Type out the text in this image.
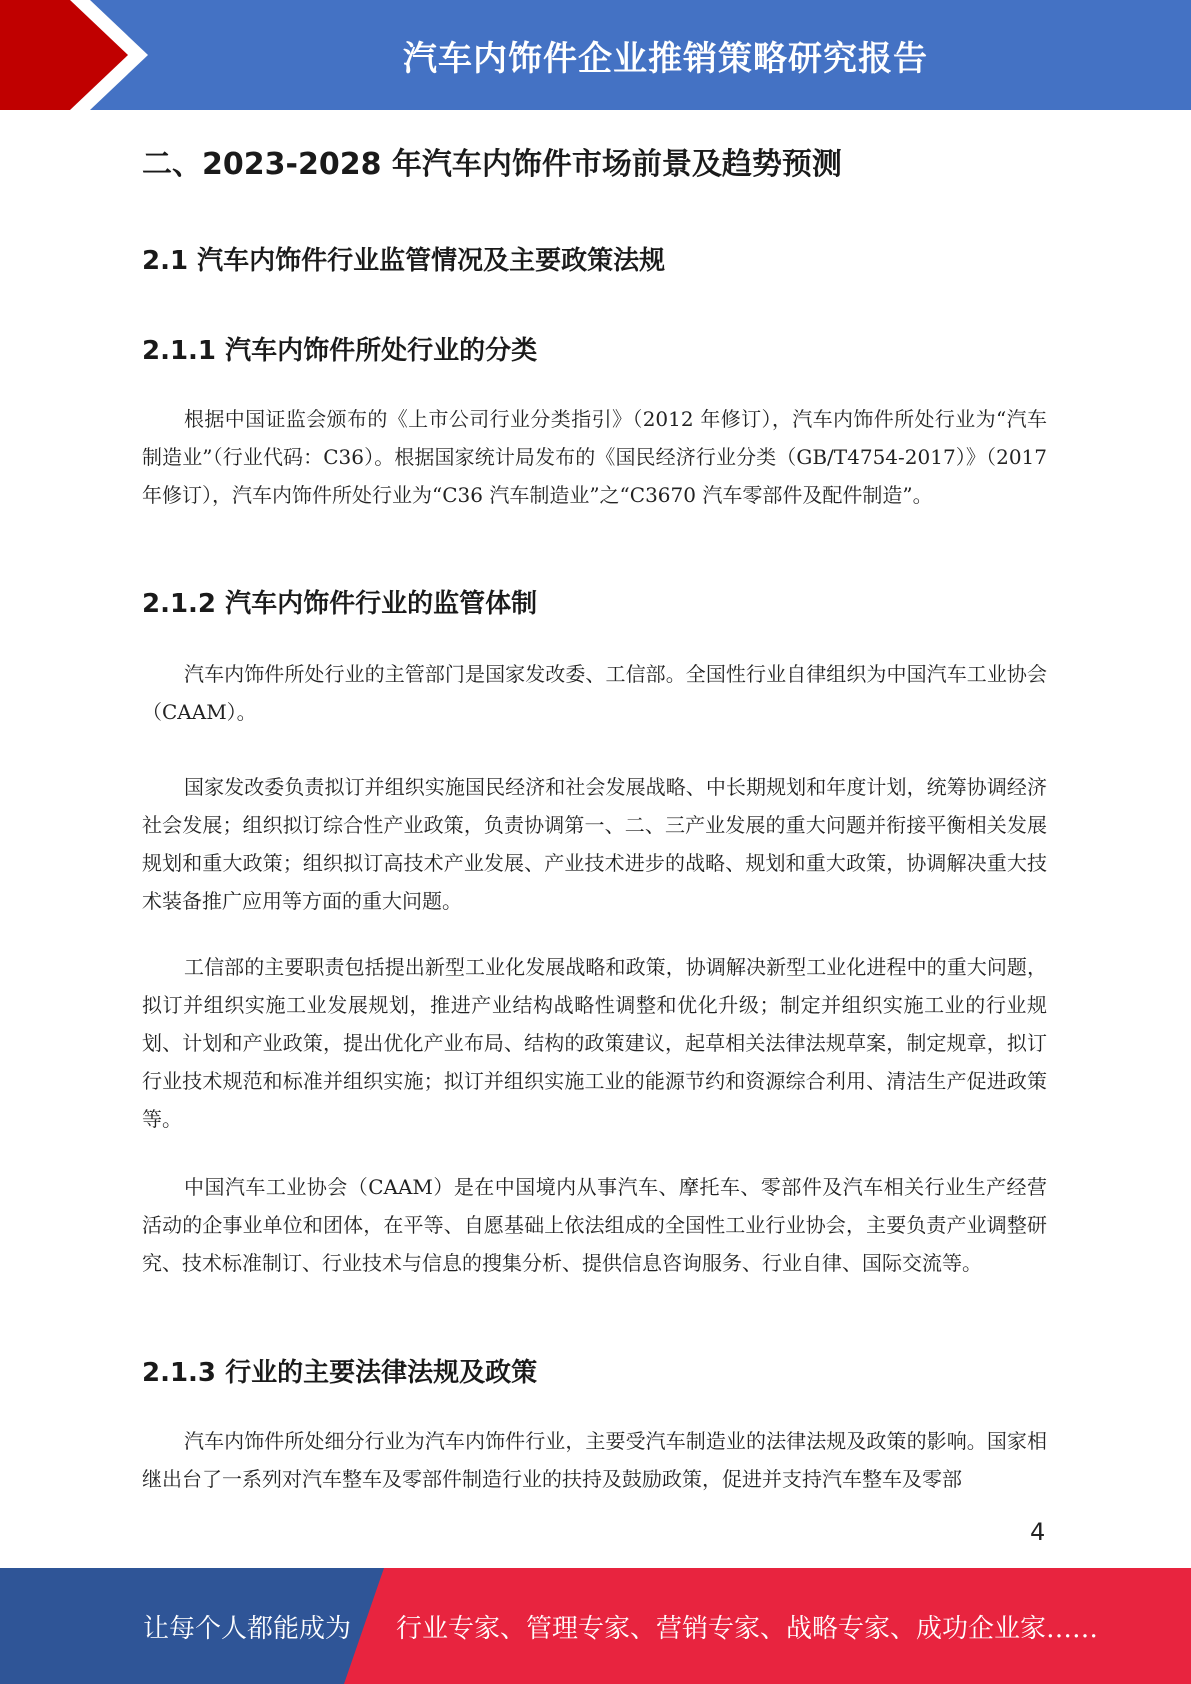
汽车内饰件企业推销策略研究报告
二、2023-2028 年汽车内饰件市场前景及趋势预测
2.1 汽车内饰件行业监管情况及主要政策法规
2.1.1 汽车内饰件所处行业的分类

根据中国证监会颁布的《上市公司行业分类指引》（2012 年修订），汽车内饰件所处行业为“汽车制造业”（行业代码：C36）。根据国家统计局发布的《国民经济行业分类（GB/T4754-2017）》（2017 年修订），汽车内饰件所处行业为“C36 汽车制造业”之“C3670 汽车零部件及配件制造”。

2.1.2 汽车内饰件行业的监管体制

汽车内饰件所处行业的主管部门是国家发改委、工信部。全国性行业自律组织为中国汽车工业协会（CAAM）。

国家发改委负责拟订并组织实施国民经济和社会发展战略、中长期规划和年度计划，统筹协调经济社会发展；组织拟订综合性产业政策，负责协调第一、二、三产业发展的重大问题并衔接平衡相关发展规划和重大政策；组织拟订高技术产业发展、产业技术进步的战略、规划和重大政策，协调解决重大技术装备推广应用等方面的重大问题。

工信部的主要职责包括提出新型工业化发展战略和政策，协调解决新型工业化进程中的重大问题，拟订并组织实施工业发展规划，推进产业结构战略性调整和优化升级；制定并组织实施工业的行业规划、计划和产业政策，提出优化产业布局、结构的政策建议，起草相关法律法规草案，制定规章，拟订行业技术规范和标准并组织实施；拟订并组织实施工业的能源节约和资源综合利用、清洁生产促进政策等。

中国汽车工业协会（CAAM）是在中国境内从事汽车、摩托车、零部件及汽车相关行业生产经营活动的企事业单位和团体，在平等、自愿基础上依法组成的全国性工业行业协会，主要负责产业调整研究、技术标准制订、行业技术与信息的搜集分析、提供信息咨询服务、行业自律、国际交流等。

2.1.3 行业的主要法律法规及政策

汽车内饰件所处细分行业为汽车内饰件行业，主要受汽车制造业的法律法规及政策的影响。国家相继出台了一系列对汽车整车及零部件制造行业的扶持及鼓励政策，促进并支持汽车整车及零部

4
让每个人都能成为 行业专家、管理专家、营销专家、战略专家、成功企业家……
